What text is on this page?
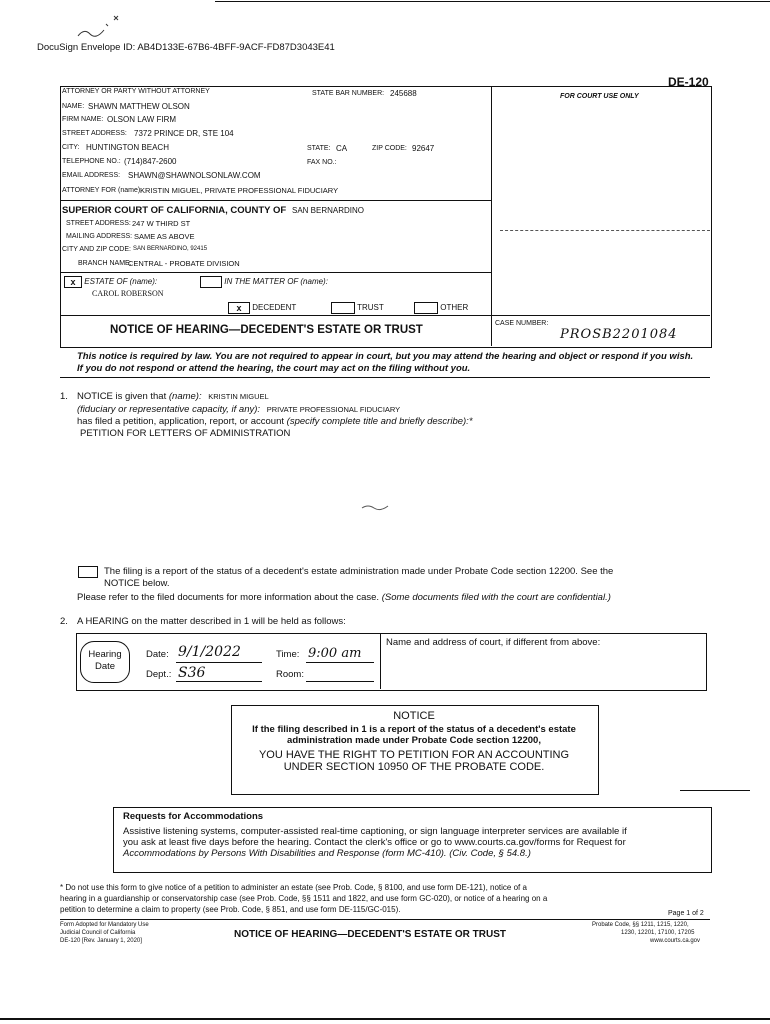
DocuSign Envelope ID: AB4D133E-67B6-4BFF-9ACF-FD87D3043E41
DE-120
FOR COURT USE ONLY
ATTORNEY OR PARTY WITHOUT ATTORNEY	STATE BAR NUMBER: 245688
NAME: SHAWN MATTHEW OLSON
FIRM NAME: OLSON LAW FIRM
STREET ADDRESS: 7372 PRINCE DR, STE 104
CITY: HUNTINGTON BEACH	STATE: CA	ZIP CODE: 92647
TELEPHONE NO.: (714)847-2600	FAX NO.:
EMAIL ADDRESS: SHAWN@SHAWNOLSONLAW.COM
ATTORNEY FOR (name):
KRISTIN MIGUEL, PRIVATE PROFESSIONAL FIDUCIARY
SUPERIOR COURT OF CALIFORNIA, COUNTY OF SAN BERNARDINO
STREET ADDRESS: 247 W THIRD ST
MAILING ADDRESS: SAME AS ABOVE
CITY AND ZIP CODE: SAN BERNARDINO, 92415
BRANCH NAME:
CENTRAL - PROBATE DIVISION
x ESTATE OF (name):	IN THE MATTER OF (name):
CAROL ROBERSON
x DECEDENT	TRUST	OTHER
NOTICE OF HEARING—DECEDENT'S ESTATE OR TRUST
CASE NUMBER:
PROSB2201084
This notice is required by law. You are not required to appear in court, but you may attend the hearing and object or respond if you wish. If you do not respond or attend the hearing, the court may act on the filing without you.
1. NOTICE is given that (name): KRISTIN MIGUEL
(fiduciary or representative capacity, if any): PRIVATE PROFESSIONAL FIDUCIARY
has filed a petition, application, report, or account (specify complete title and briefly describe):*
PETITION FOR LETTERS OF ADMINISTRATION
The filing is a report of the status of a decedent's estate administration made under Probate Code section 12200. See the
NOTICE below.
Please refer to the filed documents for more information about the case. (Some documents filed with the court are confidential.)
2. A HEARING on the matter described in 1 will be held as follows:
Hearing
Date
Date: 9/1/2022	Time: 9:00 am
Dept.: S36	Room:
Name and address of court, if different from above:
NOTICE
If the filing described in 1 is a report of the status of a decedent's estate
administration made under Probate Code section 12200,
YOU HAVE THE RIGHT TO PETITION FOR AN ACCOUNTING
UNDER SECTION 10950 OF THE PROBATE CODE.
Requests for Accommodations
Assistive listening systems, computer-assisted real-time captioning, or sign language interpreter services are available if
you ask at least five days before the hearing. Contact the clerk's office or go to www.courts.ca.gov/forms for Request for
Accommodations by Persons With Disabilities and Response (form MC-410). (Civ. Code, § 54.8.)
* Do not use this form to give notice of a petition to administer an estate (see Prob. Code, § 8100, and use form DE-121), notice of a
hearing in a guardianship or conservatorship case (see Prob. Code, §§ 1511 and 1822, and use form GC-020), or notice of a hearing on a
petition to determine a claim to property (see Prob. Code, § 851, and use form DE-115/GC-015).	Page 1 of 2
Form Adopted for Mandatory Use
Judicial Council of California
DE-120 [Rev. January 1, 2020]
NOTICE OF HEARING—DECEDENT'S ESTATE OR TRUST
Probate Code, §§ 1211, 1215, 1220,
1230, 12201, 17100, 17205
www.courts.ca.gov
